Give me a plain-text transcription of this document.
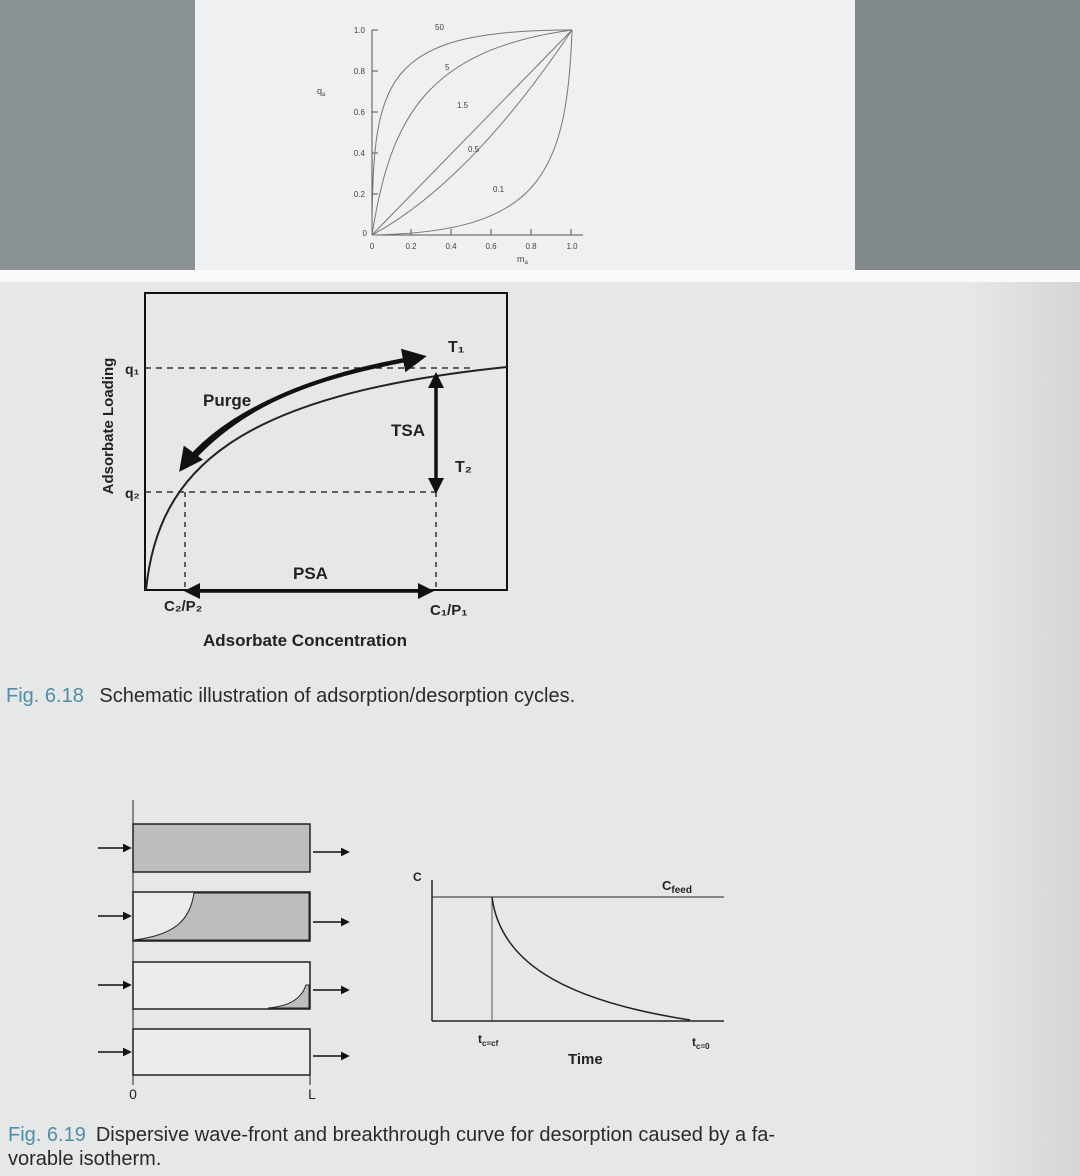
1.0
0.8
0.6
0.4
0.2
0
0	0.2	0.4	0.6	0.8	1.0
50
5
1.5
0.5
0.1
$q_a$
$m_a$
Adsorbate Loading q₁
q₂
Purge
TSA
PSA
T₁
T₂
C₂/P₂	C₁/P₁
Adsorbate Concentration
0	L
C
$C_{feed}$
$t_{c=cf}$	$t_{c=0}$
Time
Fig. 6.18 Schematic illustration of adsorption/desorption cycles.
Fig. 6.19 Dispersive wave-front and breakthrough curve for desorption caused by a fa-
vorable isotherm.
